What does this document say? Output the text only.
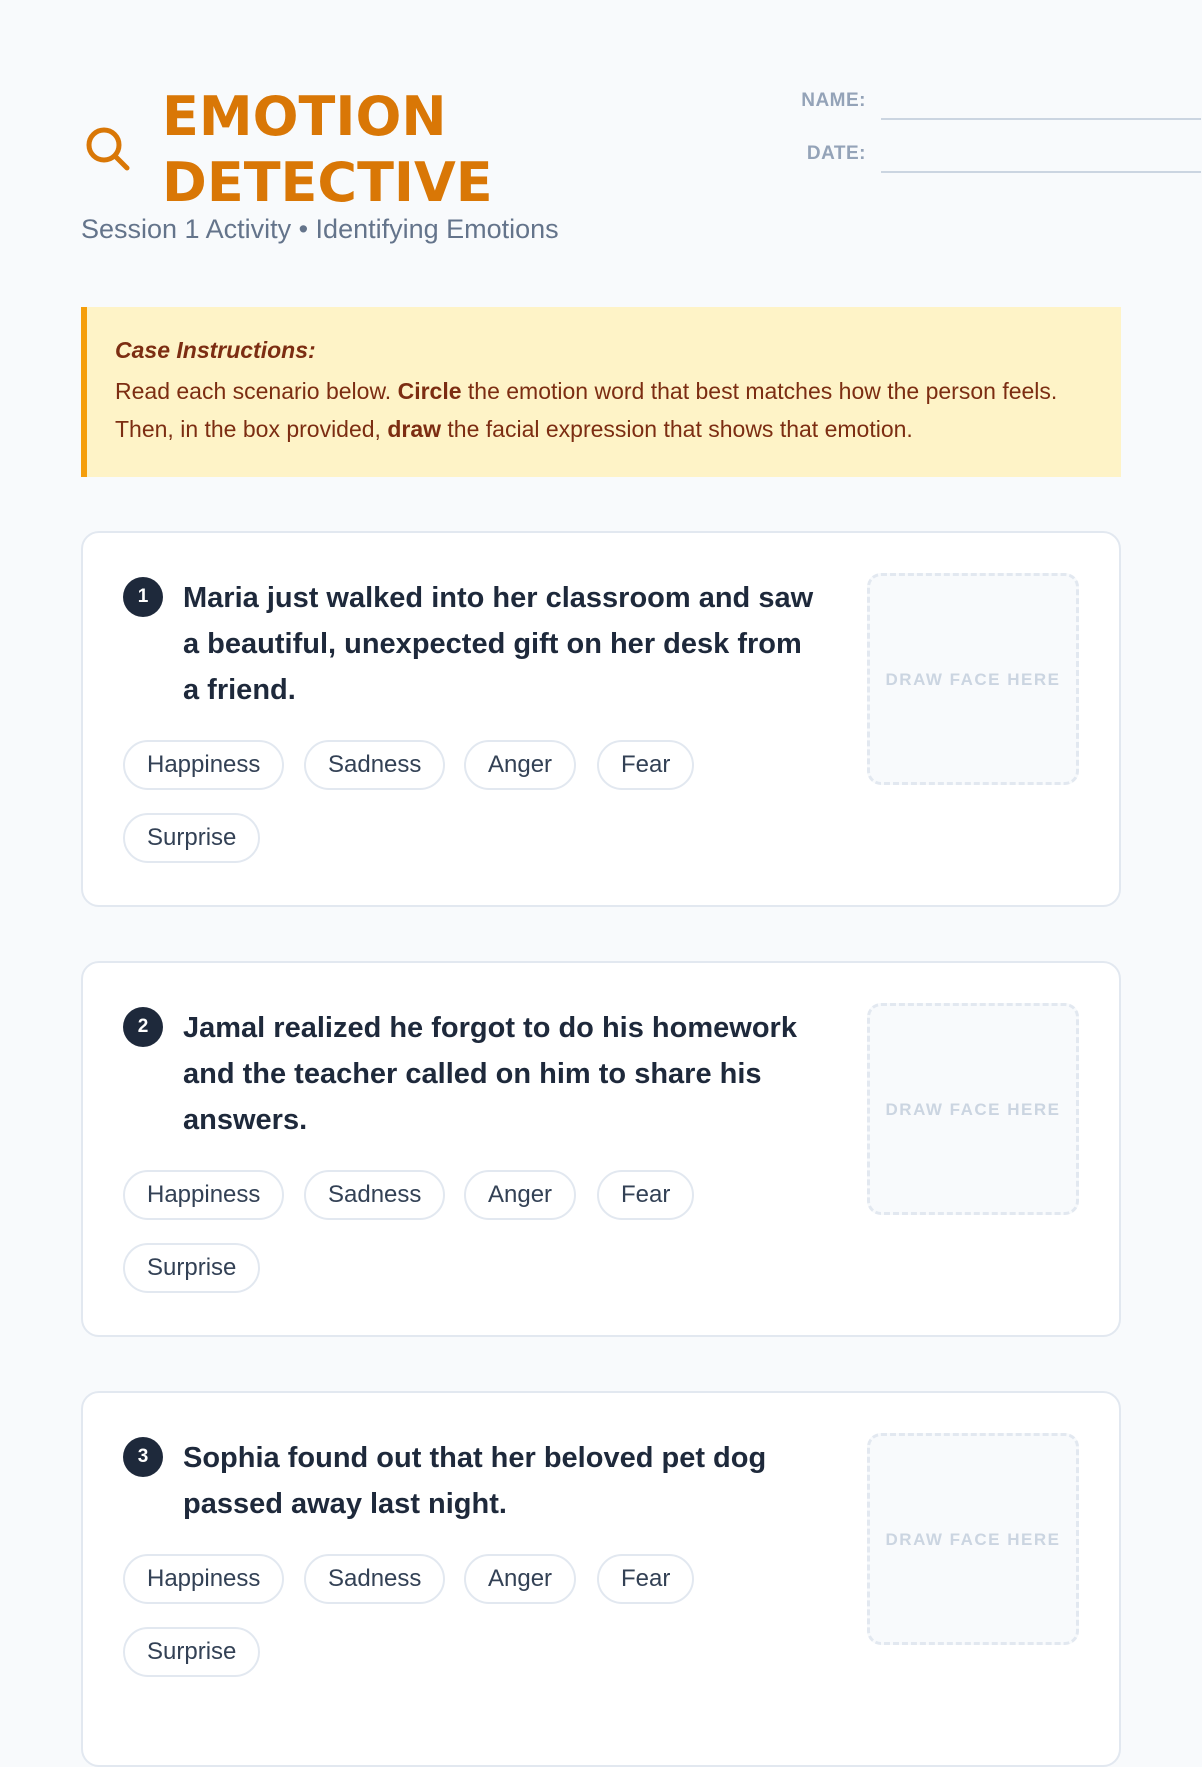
EMOTION
DETECTIVE
Session 1 Activity • Identifying Emotions
NAME:
DATE:
Case Instructions:
Read each scenario below. Circle the emotion word that best matches how the person feels. Then, in the box provided, draw the facial expression that shows that emotion.
1	Maria just walked into her classroom and saw a beautiful, unexpected gift on her desk from a friend.
Happiness	Sadness	Anger	Fear
Surprise
DRAW FACE HERE
2	Jamal realized he forgot to do his homework and the teacher called on him to share his answers.
Happiness	Sadness	Anger	Fear
Surprise
DRAW FACE HERE
3	Sophia found out that her beloved pet dog passed away last night.
Happiness	Sadness	Anger	Fear
Surprise
DRAW FACE HERE
